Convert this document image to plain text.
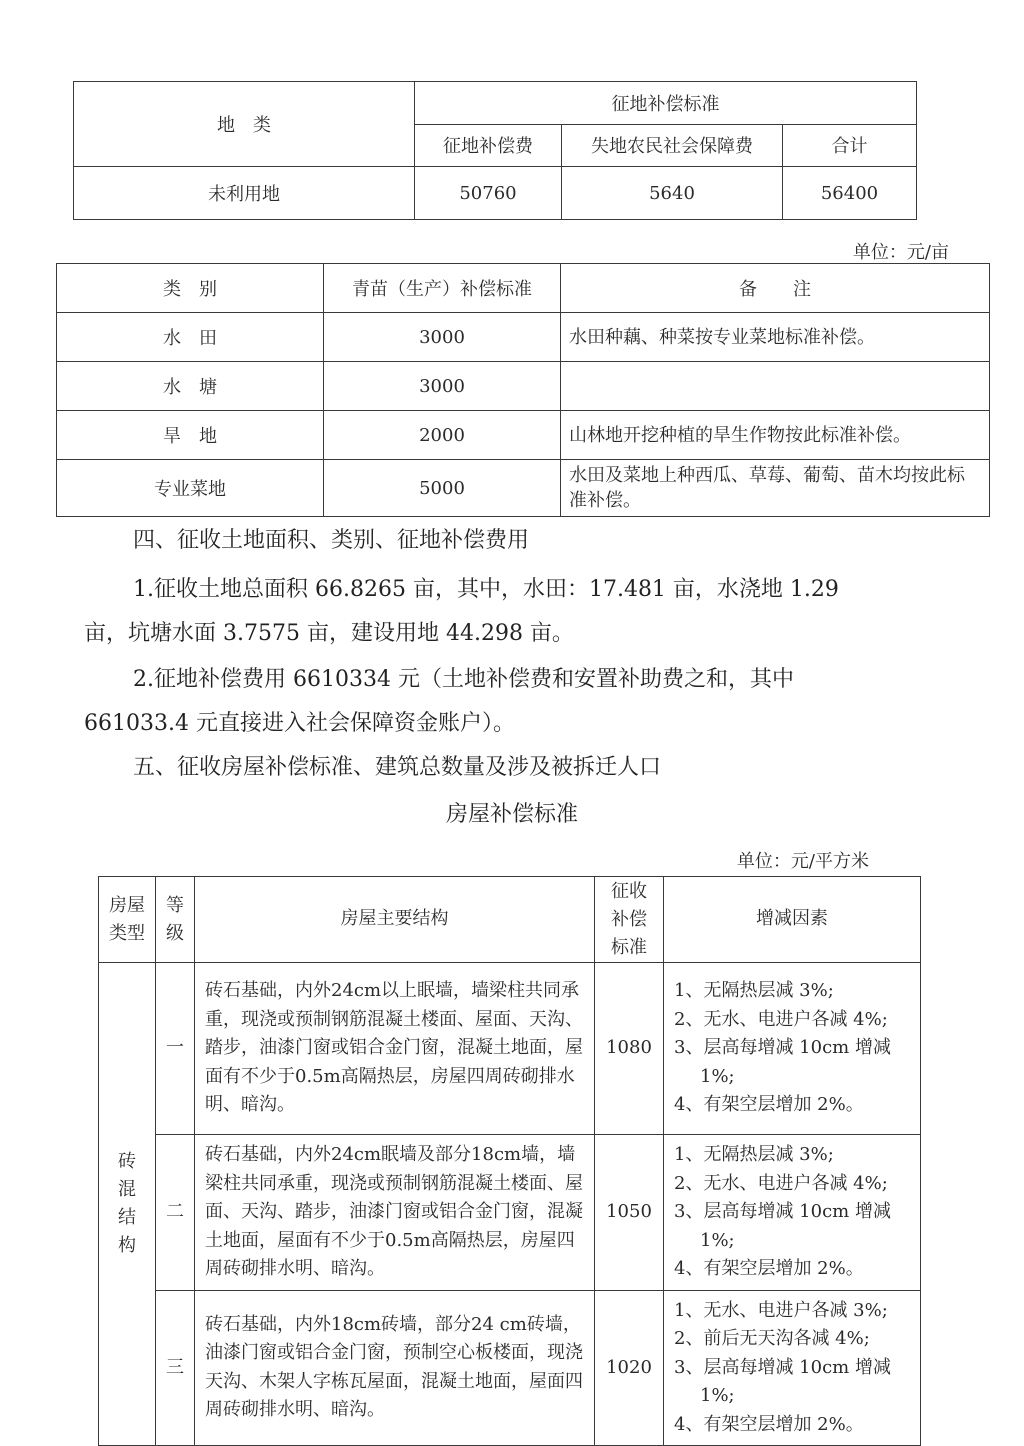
地　类	征地补偿标准		
	征地补偿费	失地农民社会保障费	合计
未利用地	50760	5640	56400
单位：元/亩
类　别	青苗（生产）补偿标准	备　　注
水　田	3000	水田种藕、种菜按专业菜地标准补偿。
水　塘	3000	
旱　地	2000	山林地开挖种植的旱生作物按此标准补偿。
专业菜地	5000	水田及菜地上种西瓜、草莓、葡萄、苗木均按此标准补偿。
四、征收土地面积、类别、征地补偿费用
1.征收土地总面积 66.8265 亩，其中，水田：17.481 亩，水浇地 1.29
亩，坑塘水面 3.7575 亩，建设用地 44.298 亩。
2.征地补偿费用 6610334 元（土地补偿费和安置补助费之和，其中
661033.4 元直接进入社会保障资金账户）。
五、征收房屋补偿标准、建筑总数量及涉及被拆迁人口
房屋补偿标准
单位：元/平方米
房屋类型	等级	房屋主要结构	征收补偿标准	增减因素
砖混结构	一	砖石基础，内外24cm以上眠墙，墙梁柱共同承重，现浇或预制钢筋混凝土楼面、屋面、天沟、踏步，油漆门窗或铝合金门窗，混凝土地面，屋面有不少于0.5m高隔热层，房屋四周砖砌排水明、暗沟。	1080	1、无隔热层减 3%;
2、无水、电进户各减 4%;
3、层高每增减 10cm 增减 1%;
4、有架空层增加 2%。

	二	砖石基础，内外24cm眠墙及部分18cm墙，墙梁柱共同承重，现浇或预制钢筋混凝土楼面、屋面、天沟、踏步，油漆门窗或铝合金门窗，混凝土地面，屋面有不少于0.5m高隔热层，房屋四周砖砌排水明、暗沟。	1050	1、无隔热层减 3%;
2、无水、电进户各减 4%;
3、层高每增减 10cm 增减 1%;
4、有架空层增加 2%。

	三	砖石基础，内外18cm砖墙，部分24 cm砖墙，油漆门窗或铝合金门窗，预制空心板楼面，现浇天沟、木架人字栋瓦屋面，混凝土地面，屋面四周砖砌排水明、暗沟。	1020	1、无水、电进户各减 3%;
2、前后无天沟各减 4%;
3、层高每增减 10cm 增减 1%;
4、有架空层增加 2%。
